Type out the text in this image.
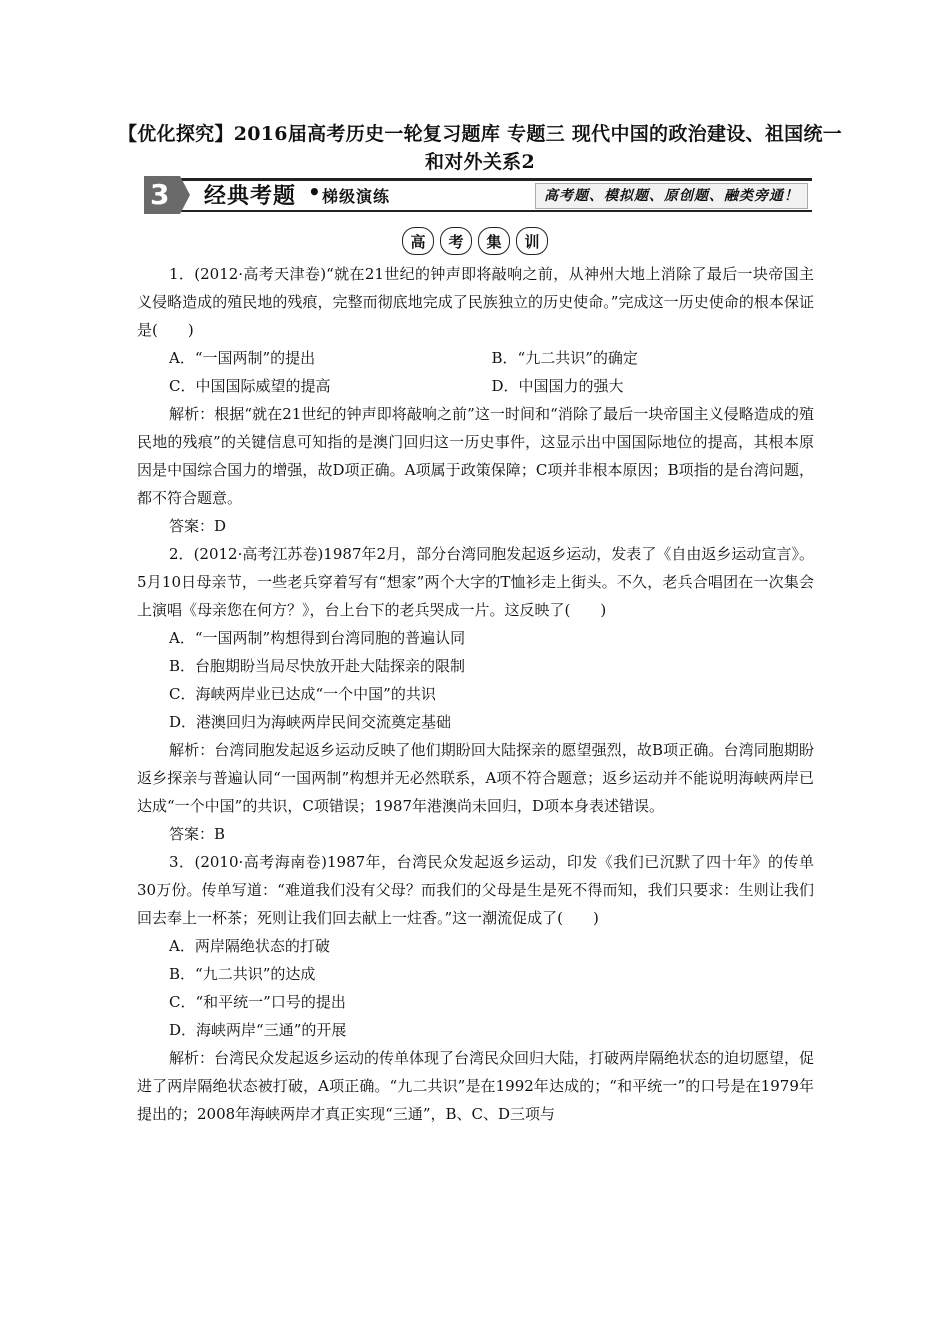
【优化探究】2016届高考历史一轮复习题库 专题三 现代中国的政治建设、祖国统一和对外关系2
3 经典考题 • 梯级演练	高考题、模拟题、原创题、融类旁通！
高	考	集	训

1．(2012·高考天津卷)“就在21世纪的钟声即将敲响之前，从神州大地上消除了最后一块帝国主义侵略造成的殖民地的残痕，完整而彻底地完成了民族独立的历史使命。”完成这一历史使命的根本保证是(　　)

A．“一国两制”的提出	B．“九二共识”的确定
C．中国国际威望的提高	D．中国国力的强大

解析：根据“就在21世纪的钟声即将敲响之前”这一时间和“消除了最后一块帝国主义侵略造成的殖民地的残痕”的关键信息可知指的是澳门回归这一历史事件，这显示出中国国际地位的提高，其根本原因是中国综合国力的增强，故D项正确。A项属于政策保障；C项并非根本原因；B项指的是台湾问题，都不符合题意。

答案：D

2．(2012·高考江苏卷)1987年2月，部分台湾同胞发起返乡运动，发表了《自由返乡运动宣言》。5月10日母亲节，一些老兵穿着写有“想家”两个大字的T恤衫走上街头。不久，老兵合唱团在一次集会上演唱《母亲您在何方？》，台上台下的老兵哭成一片。这反映了(　　)

A．“一国两制”构想得到台湾同胞的普遍认同
B．台胞期盼当局尽快放开赴大陆探亲的限制
C．海峡两岸业已达成“一个中国”的共识
D．港澳回归为海峡两岸民间交流奠定基础

解析：台湾同胞发起返乡运动反映了他们期盼回大陆探亲的愿望强烈，故B项正确。台湾同胞期盼返乡探亲与普遍认同“一国两制”构想并无必然联系，A项不符合题意；返乡运动并不能说明海峡两岸已达成“一个中国”的共识，C项错误；1987年港澳尚未回归，D项本身表述错误。

答案：B

3．(2010·高考海南卷)1987年，台湾民众发起返乡运动，印发《我们已沉默了四十年》的传单30万份。传单写道：“难道我们没有父母？而我们的父母是生是死不得而知，我们只要求：生则让我们回去奉上一杯茶；死则让我们回去献上一炷香。”这一潮流促成了(　　)

A．两岸隔绝状态的打破
B．“九二共识”的达成
C．“和平统一”口号的提出
D．海峡两岸“三通”的开展

解析：台湾民众发起返乡运动的传单体现了台湾民众回归大陆，打破两岸隔绝状态的迫切愿望，促进了两岸隔绝状态被打破，A项正确。“九二共识”是在1992年达成的；“和平统一”的口号是在1979年提出的；2008年海峡两岸才真正实现“三通”，B、C、D三项与
